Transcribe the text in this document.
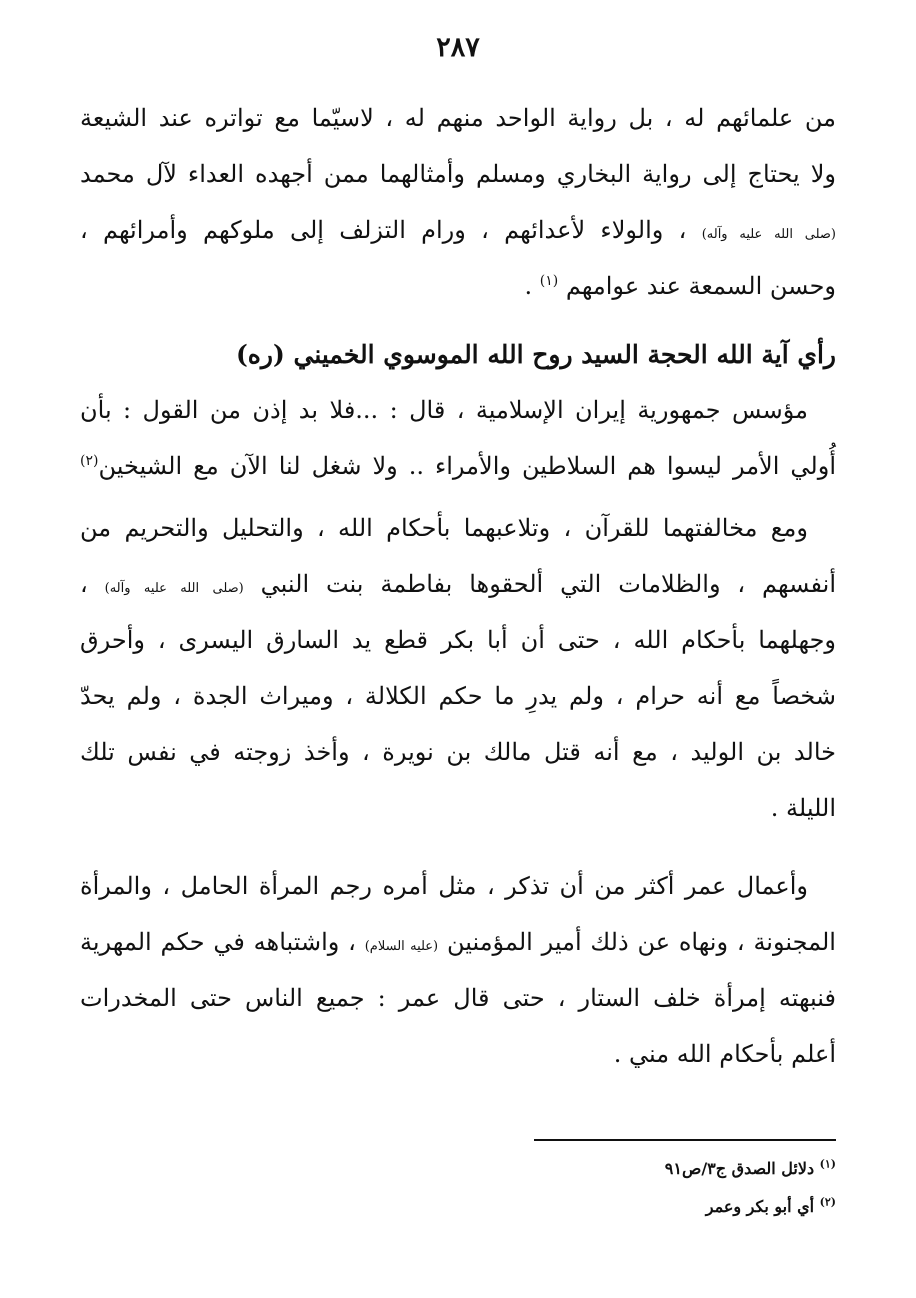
٢٨٧
من علمائهم له ، بل رواية الواحد منهم له ، لاسيّما مع تواتره عند الشيعة
ولا يحتاج إلى رواية البخاري ومسلم وأمثالهما ممن أجهده العداء لآل محمد
(صلى الله عليه وآله) ، والولاء لأعدائهم ، ورام التزلف إلى ملوكهم وأمرائهم ،
وحسن السمعة عند عوامهم $^{(١)}$ .
رأي آية الله الحجة السيد روح الله الموسوي الخميني (ره)
مؤسس جمهورية إيران الإسلامية ، قال : ...فلا بد إذن من القول : بأن
أُولي الأمر ليسوا هم السلاطين والأمراء .. ولا شغل لنا الآن مع الشيخين$^{(٢)}$
ومع مخالفتهما للقرآن ، وتلاعبهما بأحكام الله ، والتحليل والتحريم من
أنفسهم ، والظلامات التي ألحقوها بفاطمة بنت النبي (صلى الله عليه وآله) ،
وجهلهما بأحكام الله ، حتى أن أبا بكر قطع يد السارق اليسرى ، وأحرق
شخصاً مع أنه حرام ، ولم يدرِ ما حكم الكلالة ، وميراث الجدة ، ولم يحدّ
خالد بن الوليد ، مع أنه قتل مالك بن نويرة ، وأخذ زوجته في نفس تلك
الليلة .
وأعمال عمر أكثر من أن تذكر ، مثل أمره رجم المرأة الحامل ، والمرأة
المجنونة ، ونهاه عن ذلك أمير المؤمنين (عليه السلام) ، واشتباهه في حكم المهرية
فنبهته إمرأة خلف الستار ، حتى قال عمر : جميع الناس حتى المخدرات
أعلم بأحكام الله مني .
$^{(١)}$ دلائل الصدق ج٣/ص٩١
$^{(٢)}$ أي أبو بكر وعمر
